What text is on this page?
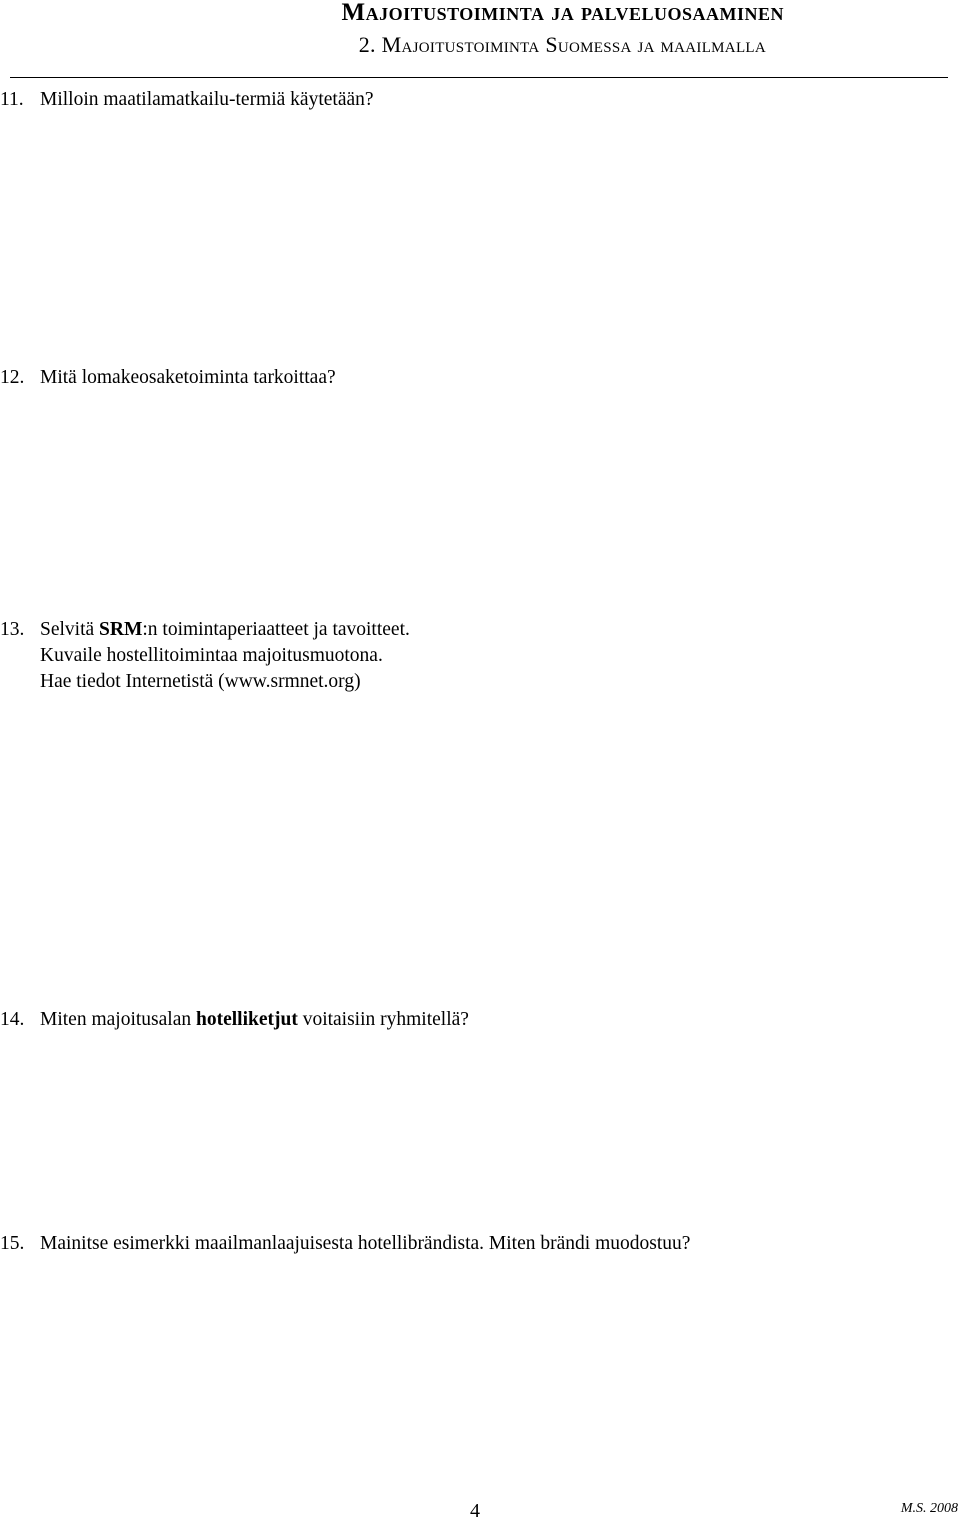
Majoitustoiminta ja palveluosaaminen
2. Majoitustoiminta Suomessa ja maailmalla
11. Milloin maatilamatkailu-termiä käytetään?
12. Mitä lomakeosaketoiminta tarkoittaa?
13. Selvitä SRM:n toimintaperiaatteet ja tavoitteet.
Kuvaile hostellitoimintaa majoitusmuotona.
Hae tiedot Internetistä (www.srmnet.org)
14. Miten majoitusalan hotelliketjut voitaisiin ryhmitellä?
15. Mainitse esimerkki maailmanlaajuisesta hotellibrändista. Miten brändi muodostuu?
4	M.S. 2008
